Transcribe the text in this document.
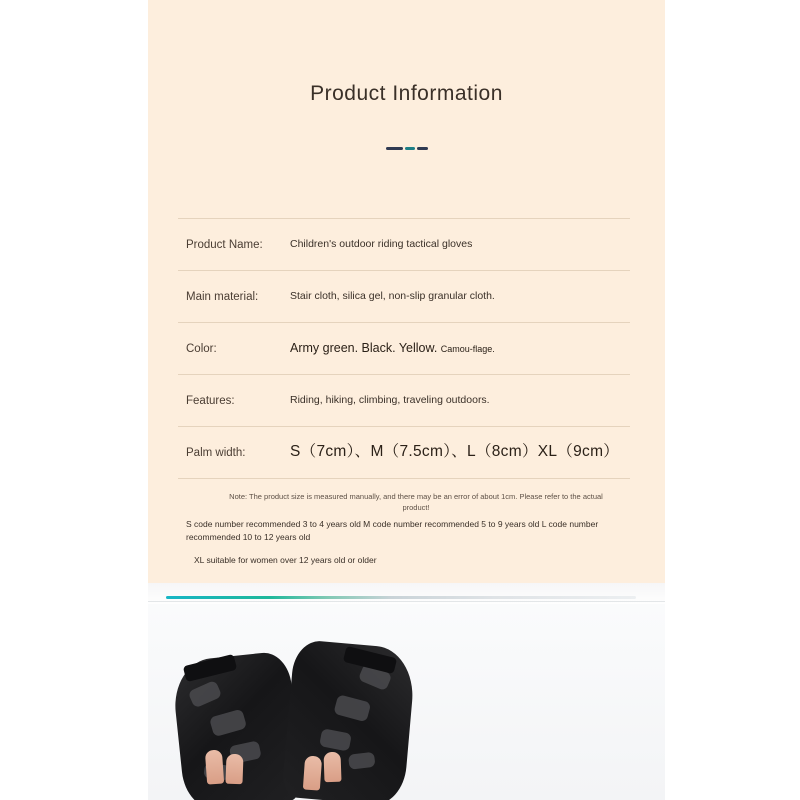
Product Information
Product Name:	Children's outdoor riding tactical gloves
Main material:	Stair cloth, silica gel, non-slip granular cloth.
Color:	Army green. Black. Yellow. Camou-flage.
Features:	Riding, hiking, climbing, traveling outdoors.
Palm width:	S（7cm）、M（7.5cm）、L（8cm）XL（9cm）
Note: The product size is measured manually, and there may be an error of about 1cm. Please refer to the actual product!
S code number recommended 3 to 4 years old M code number recommended 5 to 9 years old L code number recommended 10 to 12 years old
XL suitable for women over 12 years old or older
